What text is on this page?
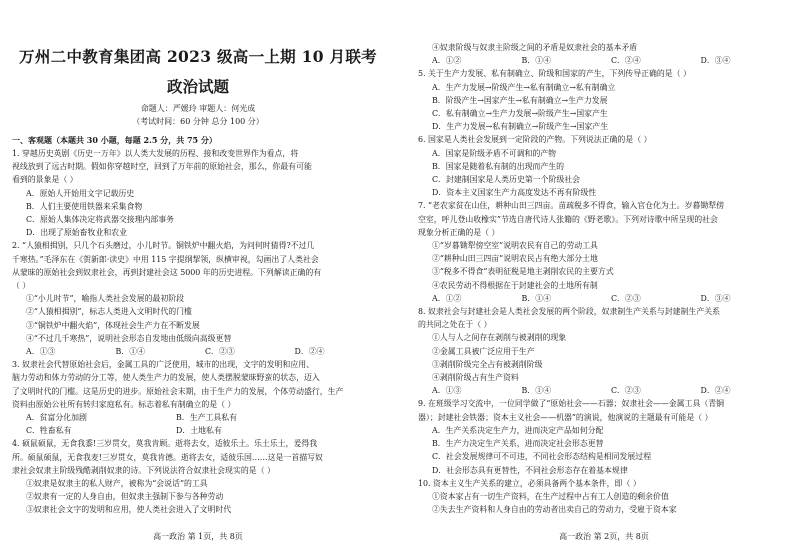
万州二中教育集团高 2023 级高一上期 10 月联考
政治试题
命题人：严媛玲 审题人：何光成
（考试时间：60 分钟 总分 100 分）
一、客观题（本题共 30 小题，每题 2.5 分，共 75 分）
1. 穿越历史英剧《历史一万年》以人类大发展的历程、接和改变世界作为看点，将
视线放到了远古时期。假如你穿越时空，回到了万年前的原始社会，那么，你最有可能
看到的景象是（ ）
A．原始人开始用文字记载历史
B．人们主要使用铁器来采集食物
C．原始人集体决定将武器交接理内部事务
D．出现了原始畜牧业和农业
2. “人猿相揖别，只几个石头磨过，小儿时节。铜铁炉中翻火焰，为问何时猜得?不过几
千寒热。”毛泽东在《贺新郎·读史》中用 115 字提纲挈领，纵横审视，勾画出了人类社会
从蒙昧的原始社会到奴隶社会，再到封建社会这 5000 年的历史进程。下列解读正确的有
（ ）
①“小儿时节”，喻指人类社会发展的最初阶段
②“人猿相揖别”，标志人类进入文明时代的门槛
③“铜铁炉中翻火焰”，体现社会生产力在不断发展
④“不过几千寒热”，说明社会形态自发地由低级向高级更替
A．①③	B．①④	C．②③	D．②④
3. 奴隶社会代替原始社会后，金属工具的广泛使用，城市的出现，文字的发明和应用、
脑力劳动和体力劳动的分工等，使人类生产力的发展，使人类摆脱蒙昧野蛮的状态，迈入
了文明时代的门槛。这是历史的进步。原始社会末期，由于生产力的发展，个体劳动盛行，生产
资料由原始公社所有转归家庭私有。标志着私有制确立的是（ ）
A．贫富分化加剧	B．生产工具私有
C．牲畜私有	D．土地私有
4. 硕鼠硕鼠，无食我黍!三岁贯女，莫我肯顾。逝将去女，适彼乐土。乐土乐土，爰得我
所。硕鼠硕鼠，无食我麦!三岁贯女，莫我肯德。逝将去女，适彼乐国……这是一首描写奴
隶社会奴隶主阶级残酷剥削奴隶的诗。下列说法符合奴隶社会现实的是（ ）
①奴隶是奴隶主的私人财产，被称为“会说话”的工具
②奴隶有一定的人身自由，但奴隶主强制下参与各种劳动
③奴隶社会文字的发明和应用，使人类社会进入了文明时代
高一政治 第 1页，共 8页
④奴隶阶级与奴隶主阶级之间的矛盾是奴隶社会的基本矛盾
A．①②	B．①④	C．②④	D．③④
5. 关于生产力发展、私有制确立、阶级和国家的产生，下列传导正确的是（ ）
A．生产力发展→阶级产生→私有制确立→私有制确立
B．阶级产生→国家产生→私有制确立→生产力发展
C．私有制确立→生产力发展→阶级产生→国家产生
D．生产力发展→私有制确立→阶级产生→国家产生
6. 国家是人类社会发展到一定阶段的产物。下列说法正确的是（ ）
A．国家是阶级矛盾不可调和的产物
B．国家是随着私有制的出现而产生的
C．封建制国家是人类历史第一个阶级社会
D．资本主义国家生产力高度发达不再有阶级性
7. “老农家贫在山住，耕种山田三四亩。苗疏税多不得食，输入官仓化为土。岁暮锄犁傍
空室，呼儿登山收橡实”节选自唐代诗人张籍的《野老歌》。下列对诗歌中所呈现的社会
现象分析正确的是（ ）
①“岁暮锄犁傍空室”说明农民有自己的劳动工具
②“耕种山田三四亩”说明农民占有绝大部分土地
③“税多不得食”表明征税是地主剥削农民的主要方式
④农民劳动不得根据在于封建社会的土地所有制
A．①②	B．①④	C．②③	D．③④
8. 奴隶社会与封建社会是人类社会发展的两个阶段，奴隶制生产关系与封建制生产关系
的共同之处在于（ ）
①人与人之间存在剥削与被剥削的现象
②金属工具被广泛应用于生产
③剥削阶级完全占有被剥削阶级
④剥削阶级占有生产资料
A．①③	B．①④	C．②③	D．②④
9. 在班级学习交流中，一位同学做了“原始社会——石器；奴隶社会——金属工具（青铜
器）；封建社会铁器；资本主义社会——机器”的演说，他演说的主题最有可能是（ ）
A．生产关系决定生产力，进而决定产品如何分配
B．生产力决定生产关系，进而决定社会形态更替
C．社会发展规律可不可违，不同社会形态结构是相同发展过程
D．社会形态具有更替性，不同社会形态存在着基本规律
10. 资本主义生产关系的建立，必须具备两个基本条件，即（ ）
①资本家占有一切生产资料，在生产过程中占有工人创造的剩余价值
②失去生产资料和人身自由的劳动者出卖自己的劳动力，受雇于资本家
高一政治 第 2页，共 8页
